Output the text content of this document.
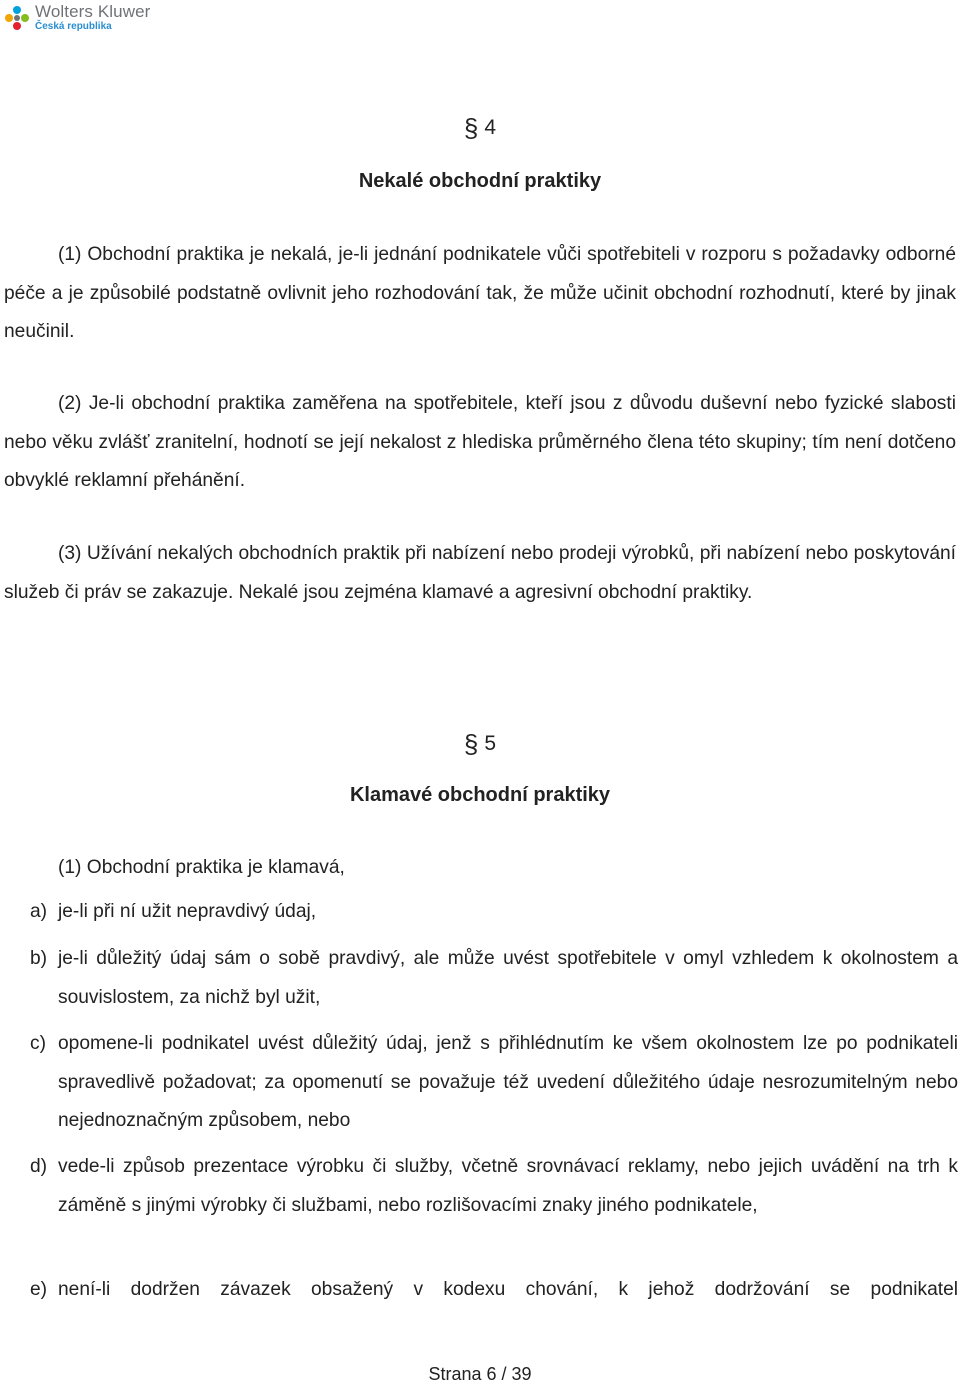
Wolters Kluwer
Česká republika
§ 4
Nekalé obchodní praktiky
(1) Obchodní praktika je nekalá, je-li jednání podnikatele vůči spotřebiteli v rozporu s požadavky odborné péče a je způsobilé podstatně ovlivnit jeho rozhodování tak, že může učinit obchodní rozhodnutí, které by jinak neučinil.
(2) Je-li obchodní praktika zaměřena na spotřebitele, kteří jsou z důvodu duševní nebo fyzické slabosti nebo věku zvlášť zranitelní, hodnotí se její nekalost z hlediska průměrného člena této skupiny; tím není dotčeno obvyklé reklamní přehánění.
(3) Užívání nekalých obchodních praktik při nabízení nebo prodeji výrobků, při nabízení nebo poskytování služeb či práv se zakazuje. Nekalé jsou zejména klamavé a agresivní obchodní praktiky.
§ 5
Klamavé obchodní praktiky
(1) Obchodní praktika je klamavá,
a) je-li při ní užit nepravdivý údaj,
b) je-li důležitý údaj sám o sobě pravdivý, ale může uvést spotřebitele v omyl vzhledem k okolnostem a souvislostem, za nichž byl užit,
c) opomene-li podnikatel uvést důležitý údaj, jenž s přihlédnutím ke všem okolnostem lze po podnikateli spravedlivě požadovat; za opomenutí se považuje též uvedení důležitého údaje nesrozumitelným nebo nejednoznačným způsobem, nebo
d) vede-li způsob prezentace výrobku či služby, včetně srovnávací reklamy, nebo jejich uvádění na trh k záměně s jinými výrobky či službami, nebo rozlišovacími znaky jiného podnikatele,
e) není-li dodržen závazek obsažený v kodexu chování, k jehož dodržování se podnikatel
Strana 6 / 39
